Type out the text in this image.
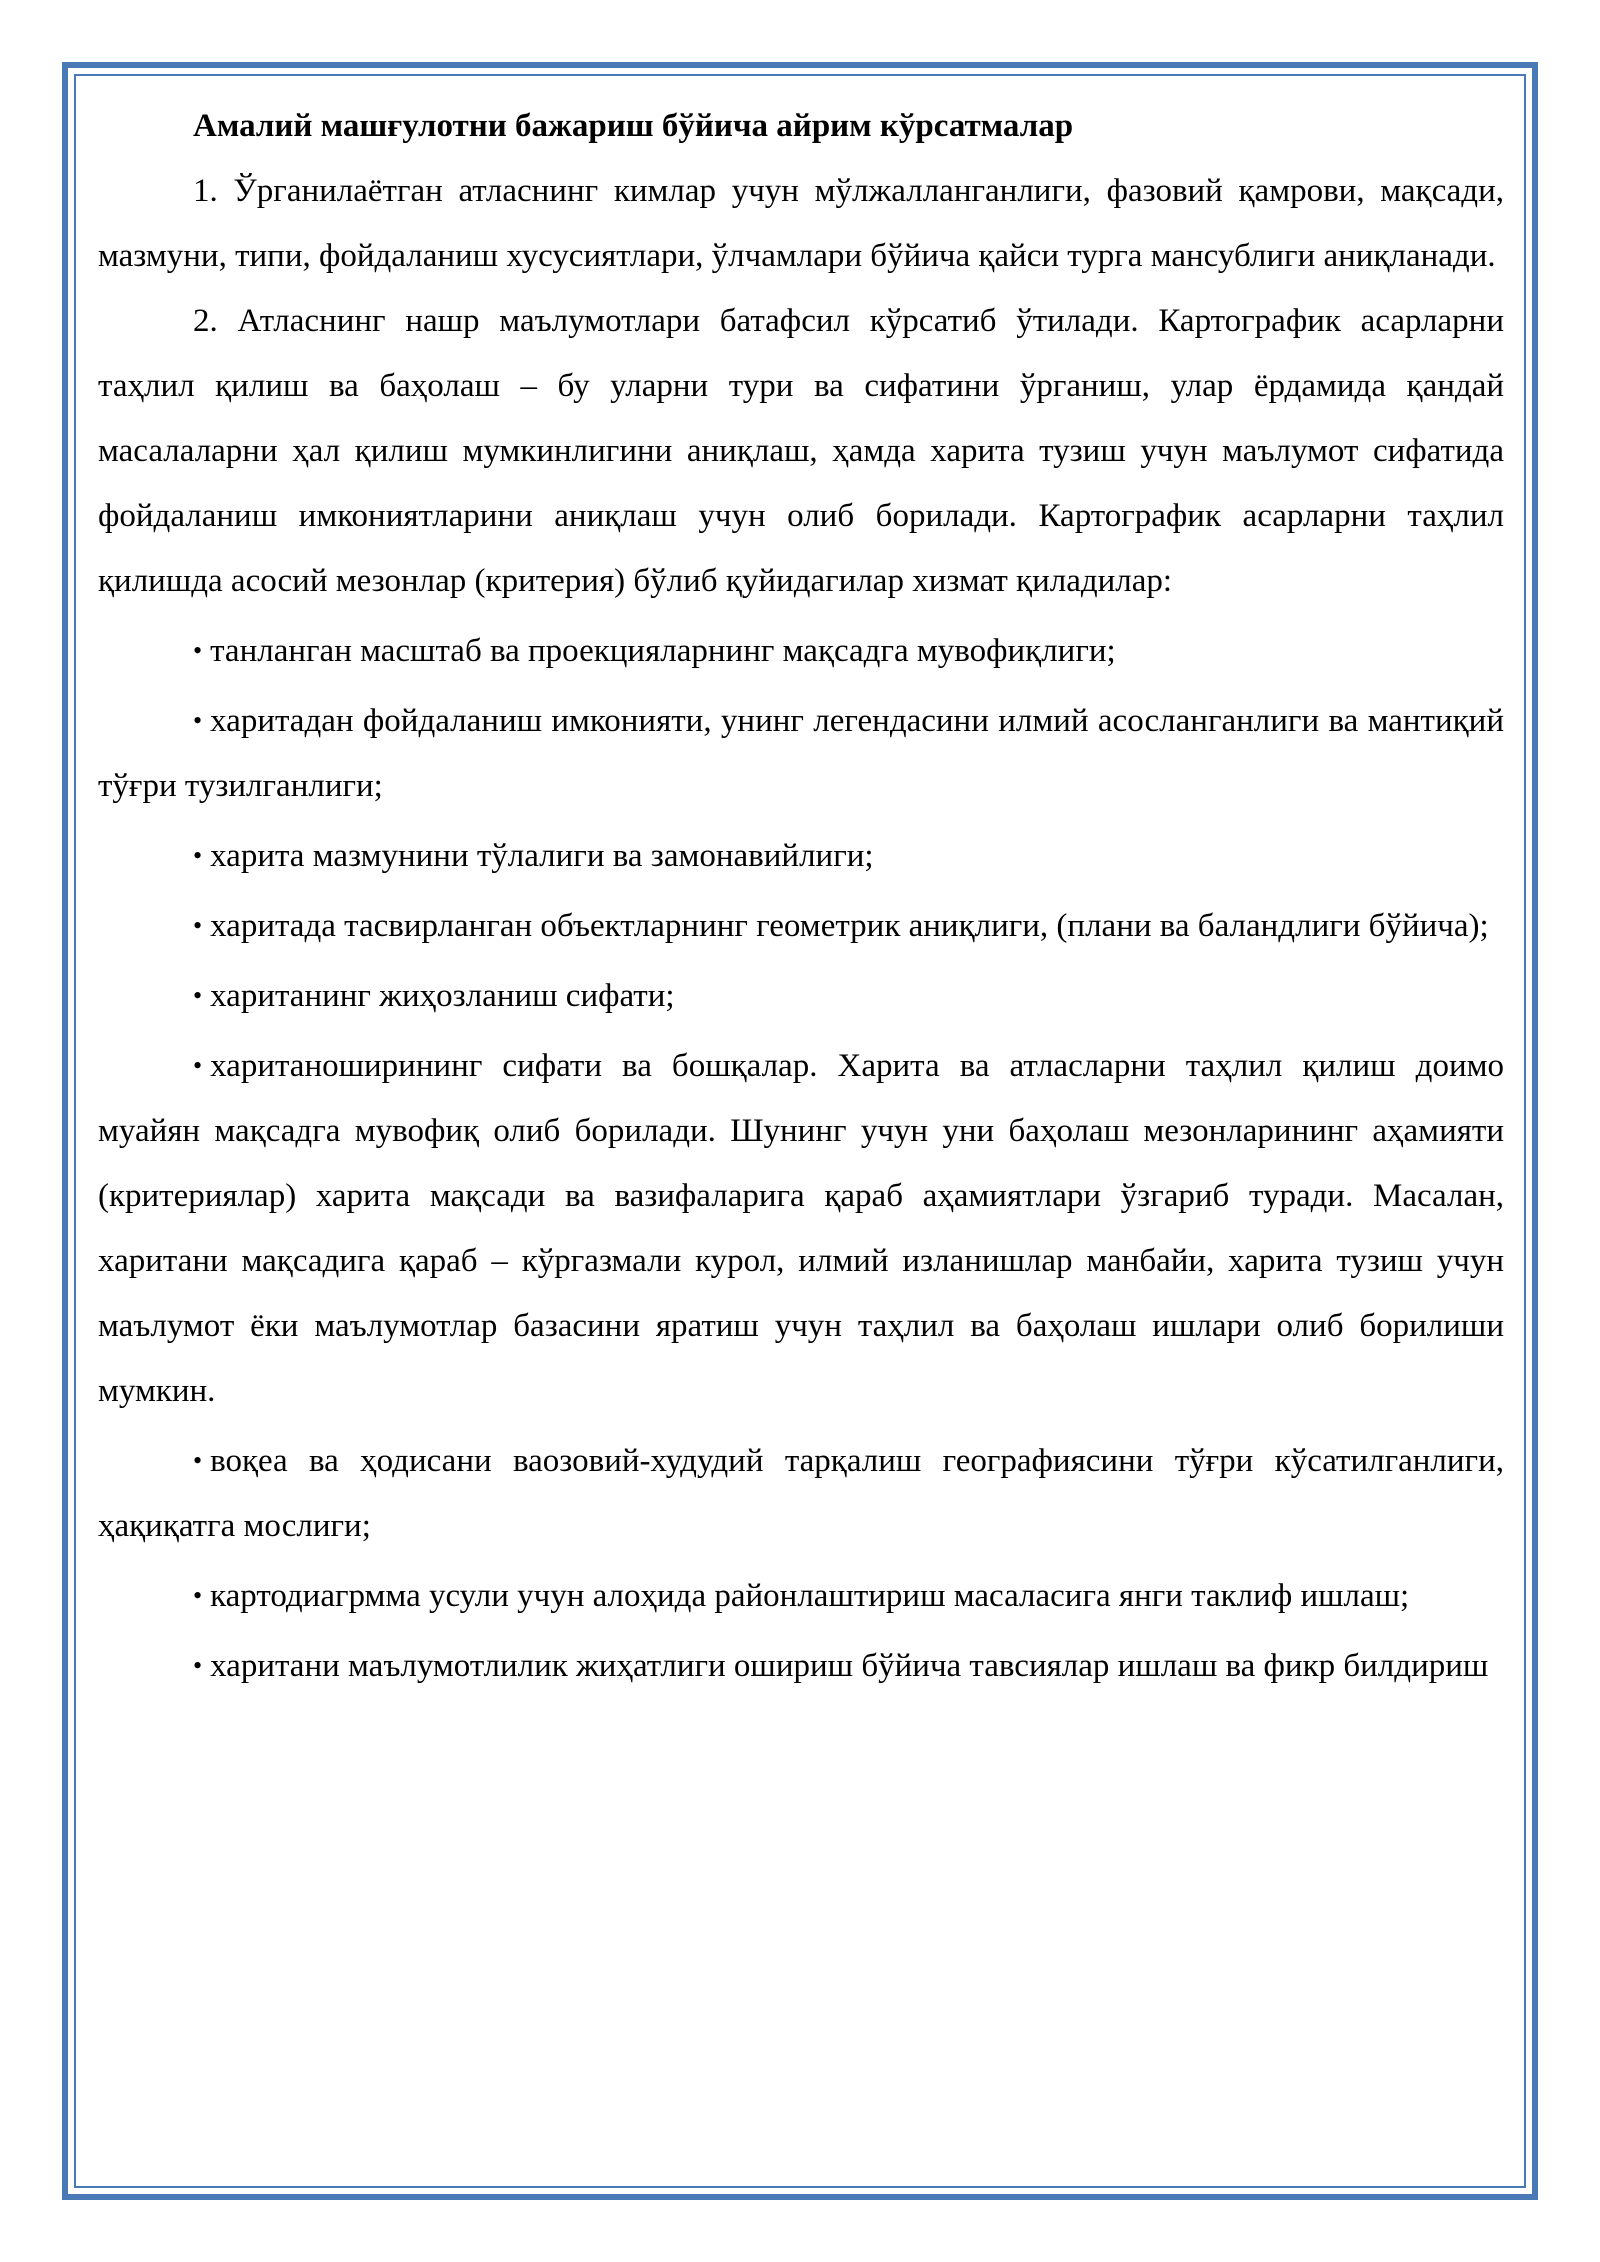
Амалий машғулотни бажариш бўйича айрим кўрсатмалар

1. Ўрганилаётган атласнинг кимлар учун мўлжалланганлиги, фазовий қамрови, мақсади, мазмуни, типи, фойдаланиш хусусиятлари, ўлчамлари бўйича қайси турга мансублиги аниқланади.

2. Атласнинг нашр маълумотлари батафсил кўрсатиб ўтилади. Картографик асарларни таҳлил қилиш ва баҳолаш – бу уларни тури ва сифатини ўрганиш, улар ёрдамида қандай масалаларни ҳал қилиш мумкинлигини аниқлаш, ҳамда харита тузиш учун маълумот сифатида фойдаланиш имкониятларини аниқлаш учун олиб борилади. Картографик асарларни таҳлил қилишда асосий мезонлар (критерия) бўлиб қуйидагилар хизмат қиладилар:

• танланган масштаб ва проекцияларнинг мақсадга мувофиқлиги;

• харитадан фойдаланиш имконияти, унинг легендасини илмий асосланганлиги ва мантиқий тўғри тузилганлиги;

• харита мазмунини тўлалиги ва замонавийлиги;

• харитада тасвирланган объектларнинг геометрик аниқлиги, (плани ва баландлиги бўйича);

• хаританинг жиҳозланиш сифати;

• хаританоширининг сифати ва бошқалар. Харита ва атласларни таҳлил қилиш доимо муайян мақсадга мувофиқ олиб борилади. Шунинг учун уни баҳолаш мезонларининг аҳамияти (критериялар) харита мақсади ва вазифаларига қараб аҳамиятлари ўзгариб туради. Масалан, харитани мақсадига қараб – кўргазмали курол, илмий изланишлар манбайи, харита тузиш учун маълумот ёки маълумотлар базасини яратиш учун таҳлил ва баҳолаш ишлари олиб борилиши мумкин.

• воқеа ва ҳодисани ваозовий-худудий тарқалиш географиясини тўғри кўсатилганлиги, ҳақиқатга мослиги;

• картодиагрмма усули учун алоҳида районлаштириш масаласига янги таклиф ишлаш;

• харитани маълумотлилик жиҳатлиги ошириш бўйича тавсиялар ишлаш ва фикр билдириш
